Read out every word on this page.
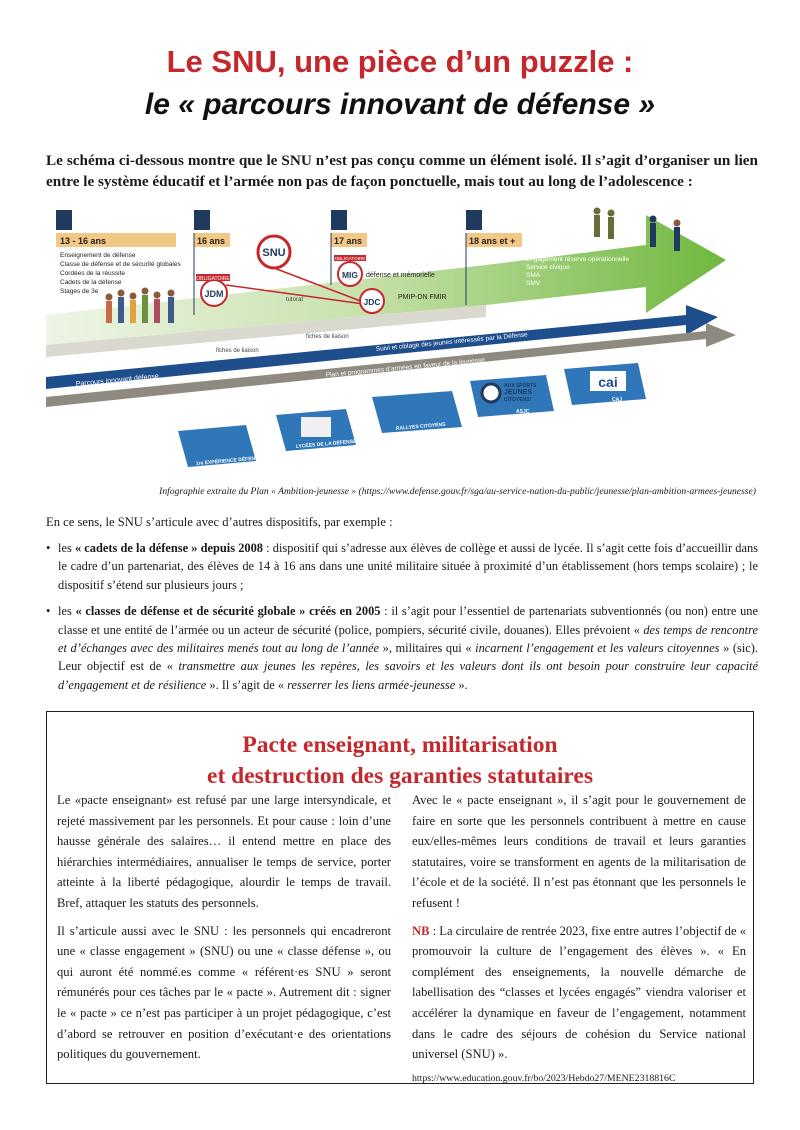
Le SNU, une pièce d’un puzzle :
le « parcours innovant de défense »
Le schéma ci-dessous montre que le SNU n’est pas conçu comme un élément isolé. Il s’agit d’organiser un lien entre le système éducatif et l’armée non pas de façon ponctuelle, mais tout au long de l’adolescence :
0
13 - 16 ans
Enseignement de défense
Classe de défense et de sécurité globales
Cordées de la réussite
Cadets de la défense
Stages de 3e
1
16 ans
JDM
OBLIGATOIRE
SNU
tutorat
2
17 ans
MIG
OBLIGATOIRE
défense et mémorielle
JDC PMIP-DN FMIR
3
18 ans et +
Engagement armées
Engagement réserve opérationnelle
Service civique
SMA
SMV
fiches de liaison
fiches de liaison
Parcours innovant défense
Suivi et ciblage des jeunes intéressés par la Défense
Plan et programmes d’armées en faveur de la jeunesse
1re EXPÉRIENCE DÉFENSE
LYCÉES DE LA DÉFENSE
RALLYES CITOYENS
AUX SPORTS
JEUNES
CITOYENS!
ASJC
cai
CAJ
Infographie extraite du Plan « Ambition-jeunesse » (https://www.defense.gouv.fr/sga/au-service-nation-du-public/jeunesse/plan-ambition-armees-jeunesse)
En ce sens, le SNU s’articule avec d’autres dispositifs, par exemple :
• les « cadets de la défense » depuis 2008 : dispositif qui s’adresse aux élèves de collège et aussi de lycée. Il s’agit cette fois d’accueillir dans le cadre d’un partenariat, des élèves de 14 à 16 ans dans une unité militaire située à proximité d’un établissement (hors temps scolaire) ; le dispositif s’étend sur plusieurs jours ;
• les « classes de défense et de sécurité globale » créés en 2005 : il s’agit pour l’essentiel de partenariats subventionnés (ou non) entre une classe et une entité de l’armée ou un acteur de sécurité (police, pompiers, sécurité civile, douanes). Elles prévoient « des temps de rencontre et d’échanges avec des militaires menés tout au long de l’année », militaires qui « incarnent l’engagement et les valeurs citoyennes » (sic). Leur objectif est de « transmettre aux jeunes les repères, les savoirs et les valeurs dont ils ont besoin pour construire leur capacité d’engagement et de résilience ». Il s’agit de « resserrer les liens armée-jeunesse ».
Pacte enseignant, militarisation
et destruction des garanties statutaires

Le «pacte enseignant» est refusé par une large intersyndicale, et rejeté massivement par les personnels. Et pour cause : loin d’une hausse générale des salaires… il entend mettre en place des hiérarchies intermédiaires, annualiser le temps de service, porter atteinte à la liberté pédagogique, alourdir le temps de travail. Bref, attaquer les statuts des personnels.

Il s’articule aussi avec le SNU : les personnels qui encadreront une « classe engagement » (SNU) ou une « classe défense », ou qui auront été nommé.es comme « référent·es SNU » seront rémunérés pour ces tâches par le « pacte ». Autrement dit : signer le « pacte » ce n’est pas participer à un projet pédagogique, c’est d’abord se retrouver en position d’exécutant·e des orientations politiques du gouvernement.

Avec le « pacte enseignant », il s’agit pour le gouvernement de faire en sorte que les personnels contribuent à mettre en cause eux/elles-mêmes leurs conditions de travail et leurs garanties statutaires, voire se transforment en agents de la militarisation de l’école et de la société. Il n’est pas étonnant que les personnels le refusent !

NB : La circulaire de rentrée 2023, fixe entre autres l’objectif de « promouvoir la culture de l’engagement des élèves ». « En complément des enseignements, la nouvelle démarche de labellisation des “classes et lycées engagés” viendra valoriser et accélérer la dynamique en faveur de l’engagement, notamment dans le cadre des séjours de cohésion du Service national universel (SNU) ».

https://www.education.gouv.fr/bo/2023/Hebdo27/MENE2318816C
